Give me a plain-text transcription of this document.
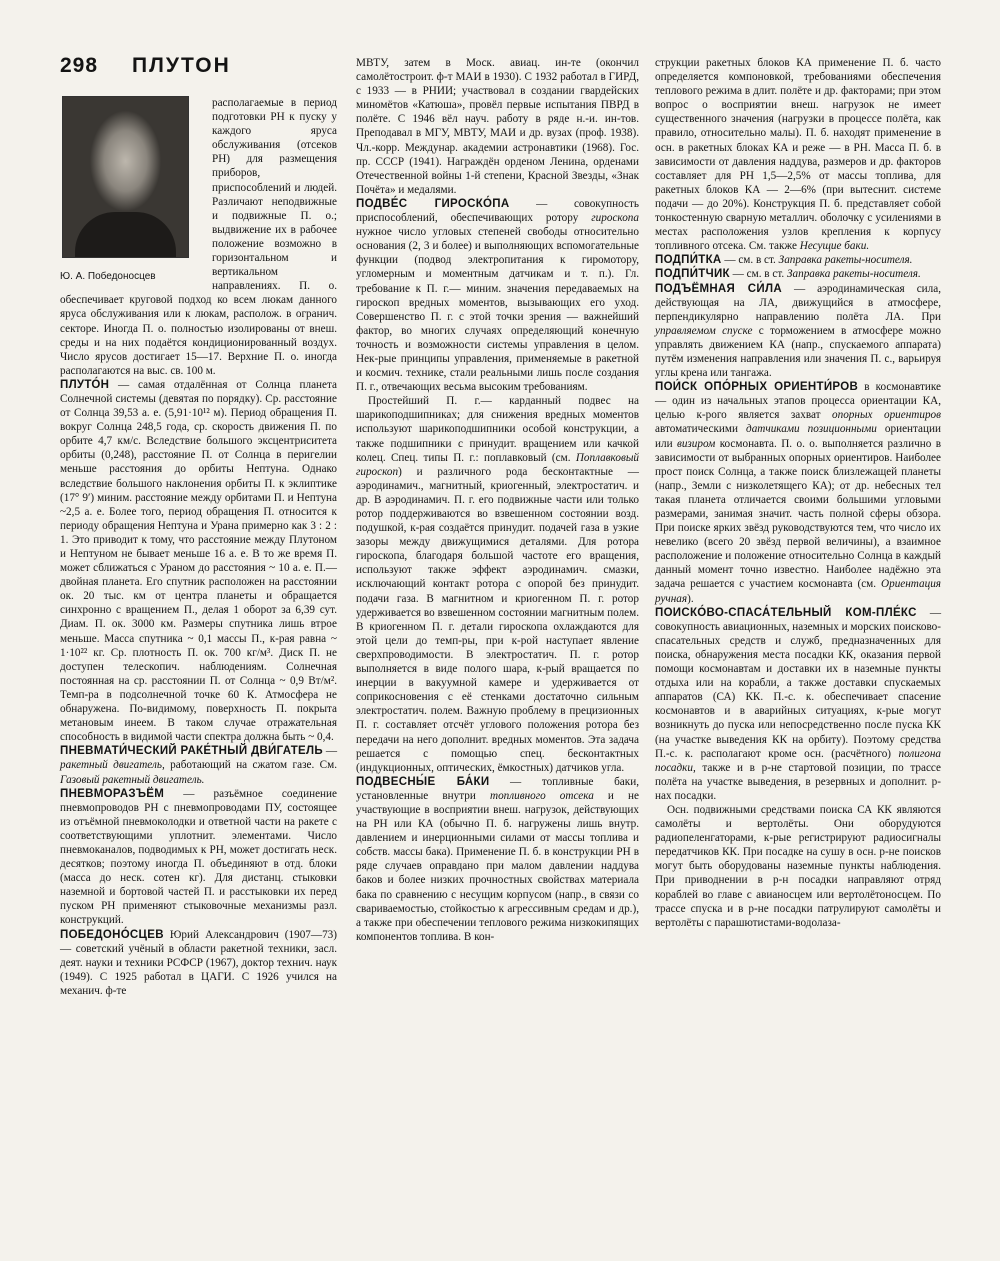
298 ПЛУТОН
Ю. А. Победоносцев

располагаемые в период подготовки РН к пуску у каждого яруса обслуживания (отсеков РН) для размещения приборов, приспособлений и людей. Различают неподвижные и подвижные П. о.; выдвижение их в рабочее положение возможно в горизонтальном и вертикальном направлениях. П. о. обеспечивает круговой подход ко всем люкам данного яруса обслуживания или к люкам, располож. в огранич. секторе. Иногда П. о. полностью изолированы от внеш. среды и на них подаётся кондиционированный воздух. Число ярусов достигает 15—17. Верхние П. о. иногда располагаются на выс. св. 100 м.

ПЛУТО́Н — самая отдалённая от Солнца планета Солнечной системы (девятая по порядку). Ср. расстояние от Солнца 39,53 а. е. (5,91·10¹² м). Период обращения П. вокруг Солнца 248,5 года, ср. скорость движения П. по орбите 4,7 км/с. Вследствие большого эксцентриситета орбиты (0,248), расстояние П. от Солнца в перигелии меньше расстояния до орбиты Нептуна. Однако вследствие большого наклонения орбиты П. к эклиптике (17° 9′) миним. расстояние между орбитами П. и Нептуна ~2,5 а. е. Более того, период обращения П. относится к периоду обращения Нептуна и Урана примерно как 3 : 2 : 1. Это приводит к тому, что расстояние между Плутоном и Нептуном не бывает меньше 16 а. е. В то же время П. может сближаться с Ураном до расстояния ~ 10 а. е. П.— двойная планета. Его спутник расположен на расстоянии ок. 20 тыс. км от центра планеты и обращается синхронно с вращением П., делая 1 оборот за 6,39 сут. Диам. П. ок. 3000 км. Размеры спутника лишь втрое меньше. Масса спутника ~ 0,1 массы П., к-рая равна ~ 1·10²² кг. Ср. плотность П. ок. 700 кг/м³. Диск П. не доступен телескопич. наблюдениям. Солнечная постоянная на ср. расстоянии П. от Солнца ~ 0,9 Вт/м². Темп-ра в подсолнечной точке 60 К. Атмосфера не обнаружена. По-видимому, поверхность П. покрыта метановым инеем. В таком случае отражательная способность в видимой части спектра должна быть ~ 0,4.

ПНЕВМАТИ́ЧЕСКИЙ РАКЕ́ТНЫЙ ДВИ́ГАТЕЛЬ — ракетный двигатель, работающий на сжатом газе. См. Газовый ракетный двигатель.

ПНЕВМОРАЗЪЁМ — разъёмное соединение пневмопроводов РН с пневмопроводами ПУ, состоящее из отъёмной пневмоколодки и ответной части на ракете с соответствующими уплотнит. элементами. Число пневмоканалов, подводимых к РН, может достигать неск. десятков; поэтому иногда П. объединяют в отд. блоки (масса до неск. сотен кг). Для дистанц. стыковки наземной и бортовой частей П. и расстыковки их перед пуском РН применяют стыковочные механизмы разл. конструкций.

ПОБЕДОНО́СЦЕВ Юрий Александрович (1907—73) — советский учёный в области ракетной техники, засл. деят. науки и техники РСФСР (1967), доктор технич. наук (1949). С 1925 работал в ЦАГИ. С 1926 учился на механич. ф-те

МВТУ, затем в Моск. авиац. ин-те (окончил самолётострoит. ф-т МАИ в 1930). С 1932 работал в ГИРД, с 1933 — в РНИИ; участвовал в создании гвардейских миномётов «Катюша», провёл первые испытания ПВРД в полёте. С 1946 вёл науч. работу в ряде н.-и. ин-тов. Преподавал в МГУ, МВТУ, МАИ и др. вузах (проф. 1938). Чл.-корр. Междунар. академии астронавтики (1968). Гос. пр. СССР (1941). Награждён орденом Ленина, орденами Отечественной войны 1-й степени, Красной Звезды, «Знак Почёта» и медалями.

ПОДВЕ́С ГИРОСКО́ПА — совокупность приспособлений, обеспечивающих ротору гироскопа нужное число угловых степеней свободы относительно основания (2, 3 и более) и выполняющих вспомогательные функции (подвод электропитания к гиромотору, угломерным и моментным датчикам и т. п.). Гл. требование к П. г.— миним. значения передаваемых на гироскоп вредных моментов, вызывающих его уход. Совершенство П. г. с этой точки зрения — важнейший фактор, во многих случаях определяющий конечную точность и возможности системы управления в целом. Нек-рые принципы управления, применяемые в ракетной и космич. технике, стали реальными лишь после создания П. г., отвечающих весьма высоким требованиям.

Простейший П. г.— карданный подвес на шарикоподшипниках; для снижения вредных моментов используют шарикоподшипники особой конструкции, а также подшипники с принудит. вращением или качкой колец. Спец. типы П. г.: поплавковый (см. Поплавковый гироскоп) и различного рода бесконтактные — аэродинамич., магнитный, криогенный, электростатич. и др. В аэродинамич. П. г. его подвижные части или только ротор поддерживаются во взвешенном состоянии возд. подушкой, к-рая создаётся принудит. подачей газа в узкие зазоры между движущимися деталями. Для ротора гироскопа, благодаря большой частоте его вращения, используют также эффект аэродинамич. смазки, исключающий контакт ротора с опорой без принудит. подачи газа. В магнитном и криогенном П. г. ротор удерживается во взвешенном состоянии магнитным полем. В криогенном П. г. детали гироскопа охлаждаются для этой цели до темп-ры, при к-рой наступает явление сверхпроводимости. В электростатич. П. г. ротор выполняется в виде полого шара, к-рый вращается по инерции в вакуумной камере и удерживается от соприкосновения с её стенками достаточно сильным электростатич. полем. Важную проблему в прецизионных П. г. составляет отсчёт углового положения ротора без передачи на него дополнит. вредных моментов. Эта задача решается с помощью спец. бесконтактных (индукционных, оптических, ёмкостных) датчиков угла.

ПОДВЕСНЫ́Е БА́КИ — топливные баки, установленные внутри топливного отсека и не участвующие в восприятии внеш. нагрузок, действующих на РН или КА (обычно П. б. нагружены лишь внутр. давлением и инерционными силами от массы топлива и собств. массы бака). Применение П. б. в конструкции РН в ряде случаев оправдано при малом давлении наддува баков и более низких прочностных свойствах материала бака по сравнению с несущим корпусом (напр., в связи со свариваемостью, стойкостью к агрессивным средам и др.), а также при обеспечении теплового режима низкокипящих компонентов топлива. В кон-

струкции ракетных блоков КА применение П. б. часто определяется компоновкой, требованиями обеспечения теплового режима в длит. полёте и др. факторами; при этом вопрос о восприятии внеш. нагрузок не имеет существенного значения (нагрузки в процессе полёта, как правило, относительно малы). П. б. находят применение в осн. в ракетных блоках КА и реже — в РН. Масса П. б. в зависимости от давления наддува, размеров и др. факторов составляет для РН 1,5—2,5% от массы топлива, для ракетных блоков КА — 2—6% (при вытеснит. системе подачи — до 20%). Конструкция П. б. представляет собой тонкостенную сварную металлич. оболочку с усилениями в местах расположения узлов крепления к корпусу топливного отсека. См. также Несущие баки.

ПОДПИ́ТКА — см. в ст. Заправка ракеты-носителя.

ПОДПИ́ТЧИК — см. в ст. Заправка ракеты-носителя.

ПОДЪЁМНАЯ СИ́ЛА — аэродинамическая сила, действующая на ЛА, движущийся в атмосфере, перпендикулярно направлению полёта ЛА. При управляемом спуске с торможением в атмосфере можно управлять движением КА (напр., спускаемого аппарата) путём изменения направления или значения П. с., варьируя углы крена или тангажа.

ПОИ́СК ОПО́РНЫХ ОРИЕНТИ́РОВ в космонавтике — один из начальных этапов процесса ориентации КА, целью к-рого является захват опорных ориентиров автоматическими датчиками позиционными ориентации или визиром космонавта. П. о. о. выполняется различно в зависимости от выбранных опорных ориентиров. Наиболее прост поиск Солнца, а также поиск близлежащей планеты (напр., Земли с низколетящего КА); от др. небесных тел такая планета отличается своими большими угловыми размерами, занимая значит. часть полной сферы обзора. При поиске ярких звёзд руководствуются тем, что число их невелико (всего 20 звёзд первой величины), а взаимное расположение и положение относительно Солнца в каждый данный момент точно известно. Наиболее надёжно эта задача решается с участием космонавта (см. Ориентация ручная).

ПОИСКО́ВО-СПАСА́ТЕЛЬНЫЙ КОМ-ПЛЕ́КС — совокупность авиационных, наземных и морских поисково-спасательных средств и служб, предназначенных для поиска, обнаружения места посадки КК, оказания первой помощи космонавтам и доставки их в наземные пункты отдыха или на корабли, а также доставки спускаемых аппаратов (СА) КК. П.-с. к. обеспечивает спасение космонавтов и в аварийных ситуациях, к-рые могут возникнуть до пуска или непосредственно после пуска КК (на участке выведения КК на орбиту). Поэтому средства П.-с. к. располагают кроме осн. (расчётного) полигона посадки, также и в р-не стартовой позиции, по трассе полёта на участке выведения, в резервных и дополнит. р-нах посадки.

Осн. подвижными средствами поиска СА КК являются самолёты и вертолёты. Они оборудуются радиопеленгаторами, к-рые регистрируют радиосигналы передатчиков КК. При посадке на сушу в осн. р-не поисков могут быть оборудованы наземные пункты наблюдения. При приводнении в р-н посадки направляют отряд кораблей во главе с авианосцем или вертолётоносцем. По трассе спуска и в р-не посадки патрулируют самолёты и вертолёты с парашютистами-водолаза-
